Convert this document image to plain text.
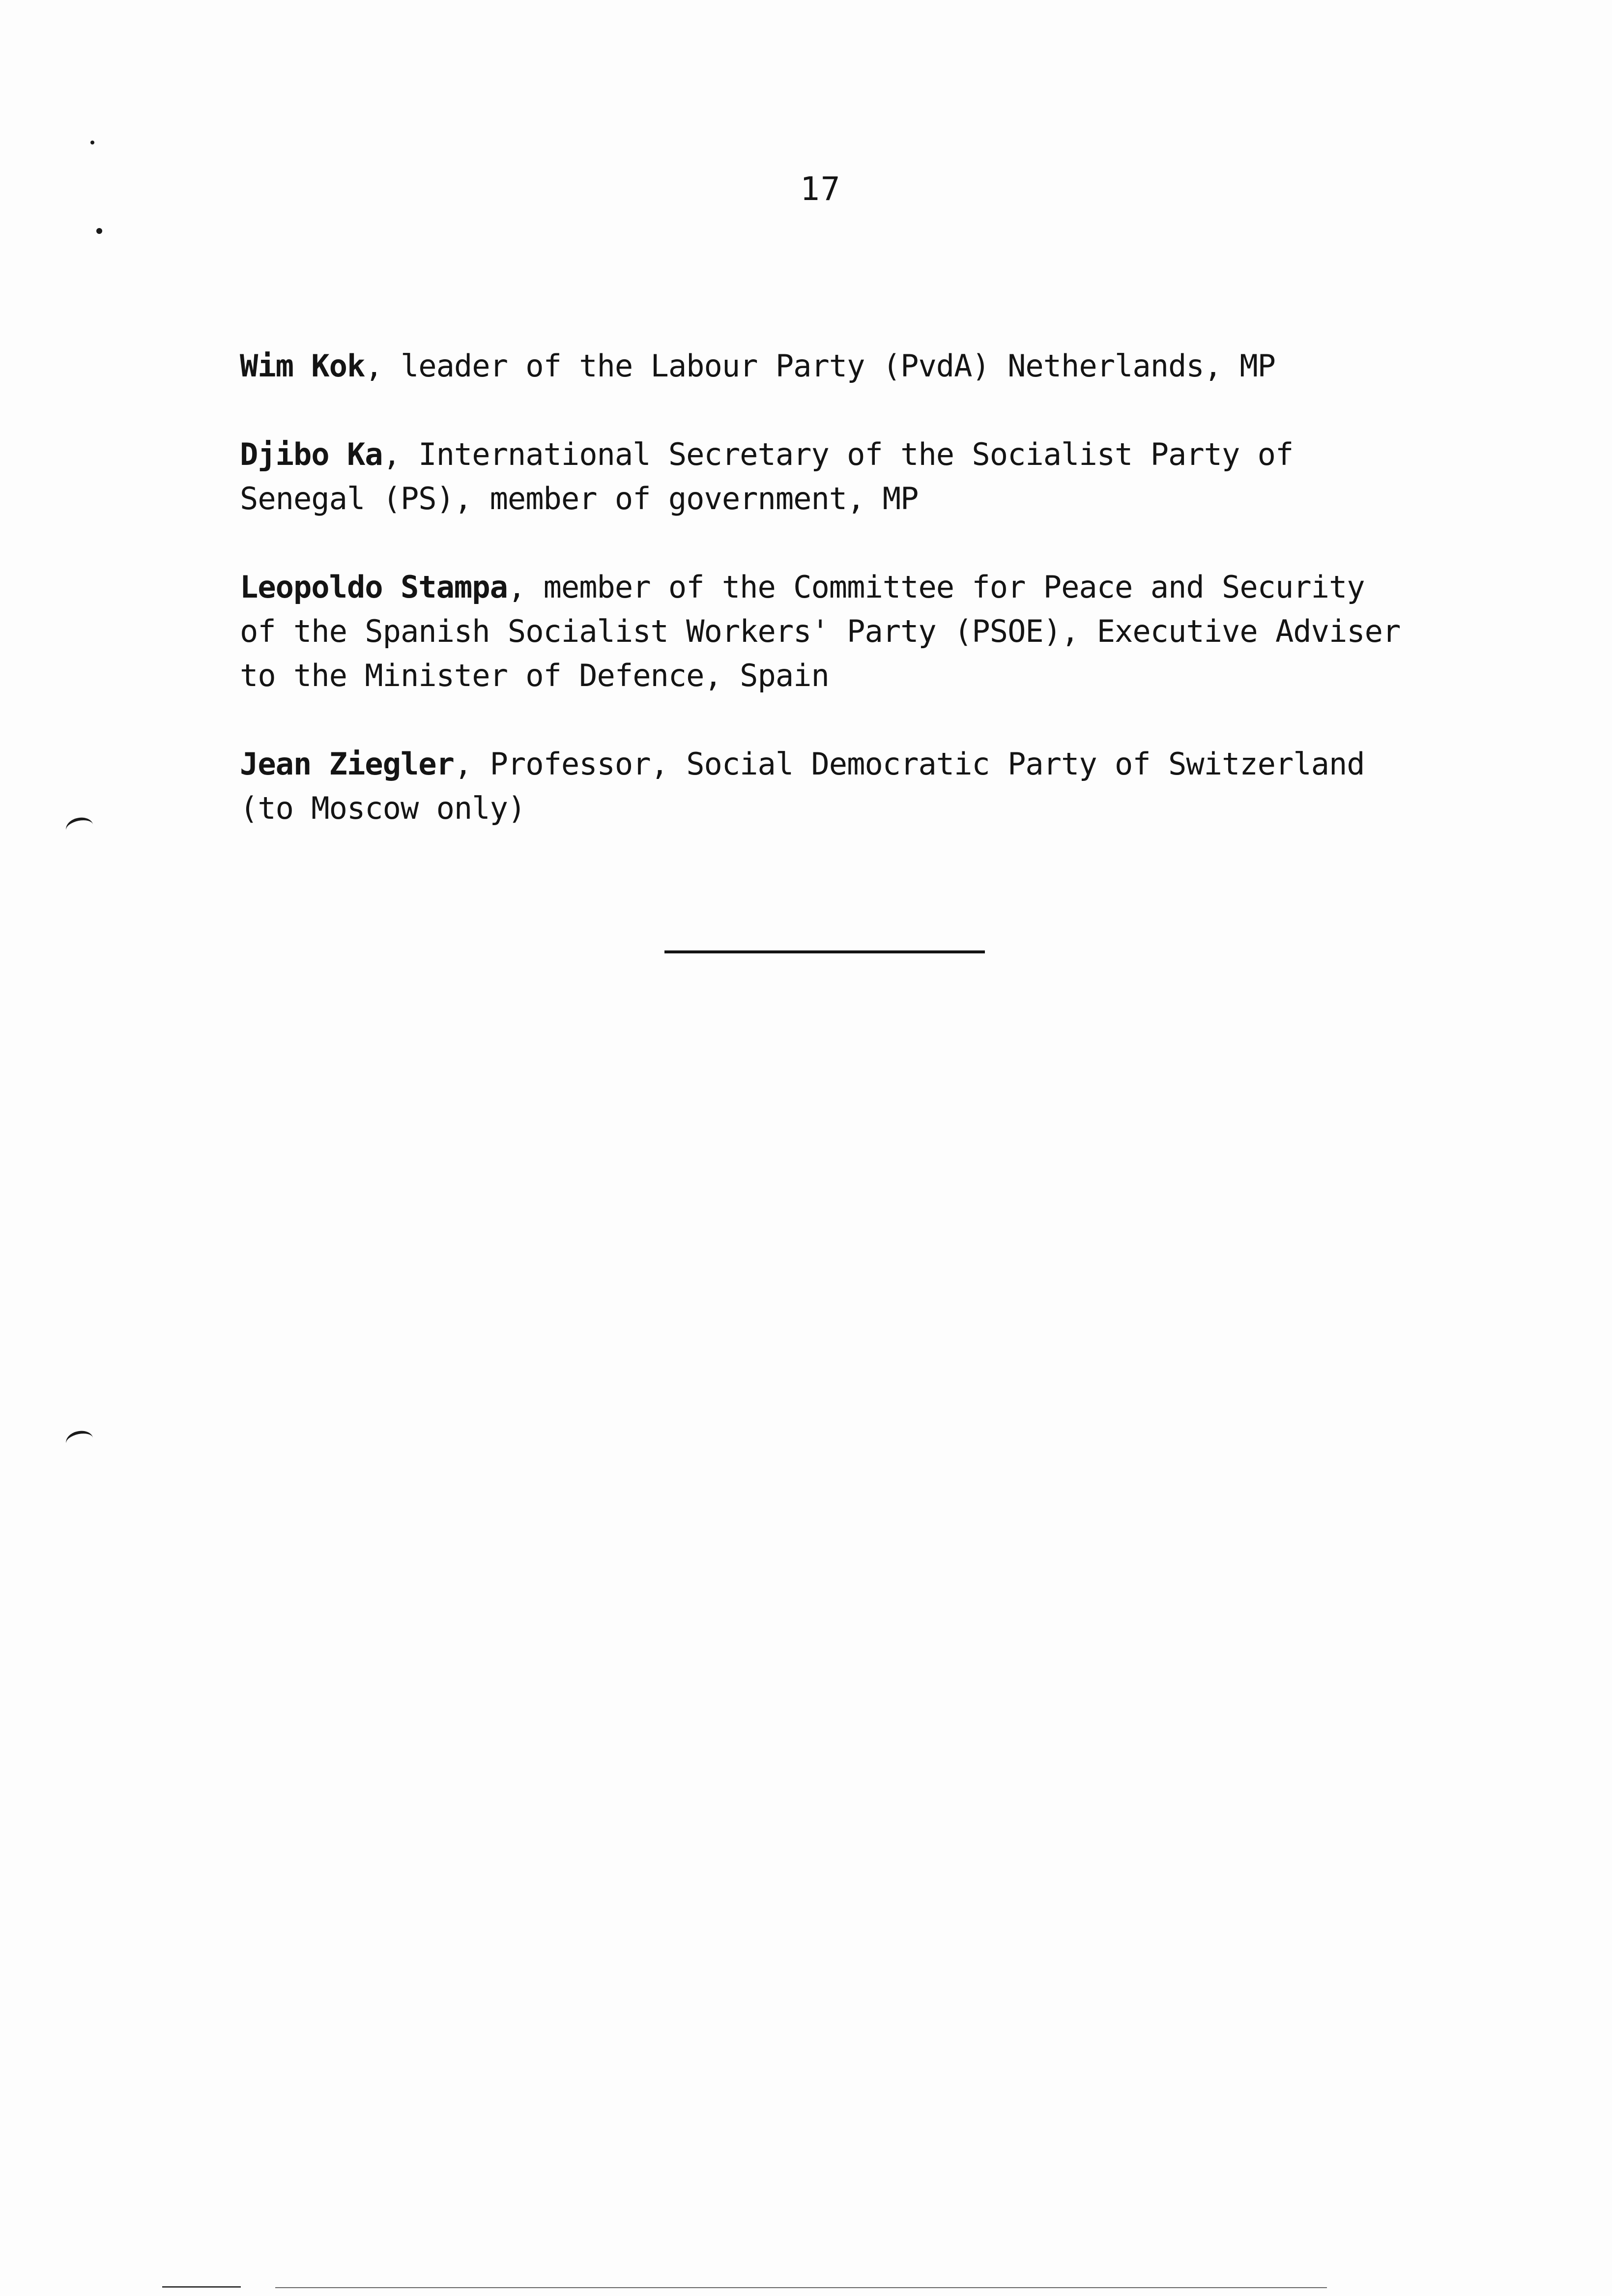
17

Wim Kok, leader of the Labour Party (PvdA) Netherlands, MP

Djibo Ka, International Secretary of the Socialist Party of Senegal (PS), member of government, MP

Leopoldo Stampa, member of the Committee for Peace and Security of the Spanish Socialist Workers' Party (PSOE), Executive Adviser to the Minister of Defence, Spain

Jean Ziegler, Professor, Social Democratic Party of Switzerland (to Moscow only)
